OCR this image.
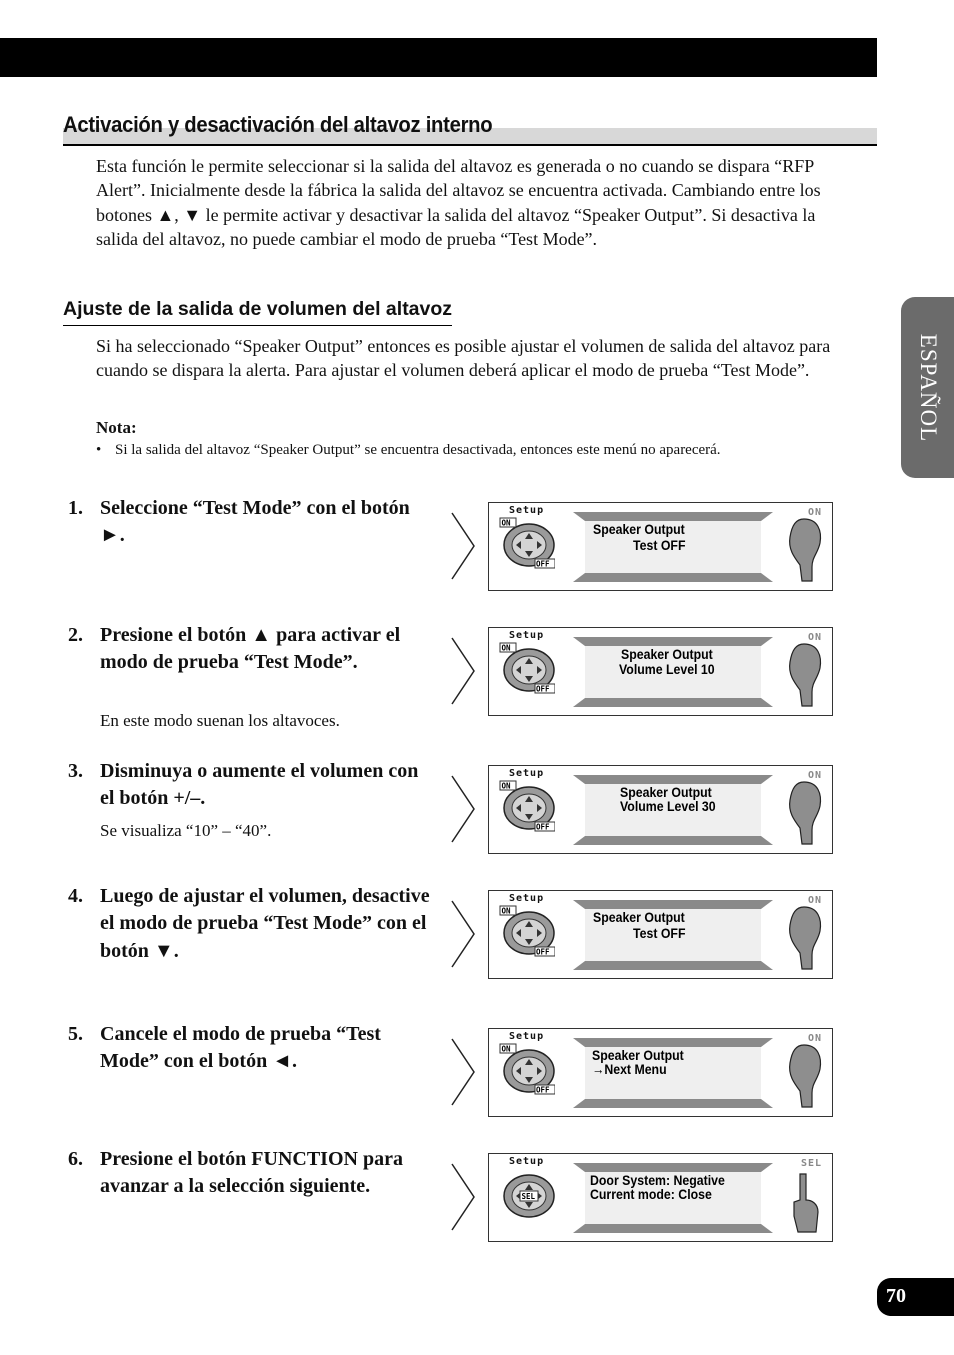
Activación y desactivación del altavoz interno

Esta función le permite seleccionar si la salida del altavoz es generada o no cuando se dispara “RFP Alert”. Inicialmente desde la fábrica la salida del altavoz se encuentra activada. Cambiando entre los botones ▲, ▼ le permite activar y desactivar la salida del altavoz “Speaker Output”. Si desactiva la salida del altavoz, no puede cambiar el modo de prueba “Test Mode”.

Ajuste de la salida de volumen del altavoz

Si ha seleccionado “Speaker Output” entonces es posible ajustar el volumen de salida del altavoz para cuando se dispara la alerta. Para ajustar el volumen deberá aplicar el modo de prueba “Test Mode”.

Nota:

• Si la salida del altavoz “Speaker Output” se encuentra desactivada, entonces este menú no aparecerá.

1. Seleccione “Test Mode” con el botón ►.
2. Presione el botón ▲ para activar el modo de prueba “Test Mode”.
En este modo suenan los altavoces.
3. Disminuya o aumente el volumen con el botón +/–.
Se visualiza “10” – “40”.
4. Luego de ajustar el volumen, desactive el modo de prueba “Test Mode” con el botón ▼.
5. Cancele el modo de prueba “Test Mode” con el botón ◄.
6. Presione el botón FUNCTION para avanzar a la selección siguiente.
Setup
ON
OFF
Speaker Output
Test OFF
ON
Setup
ON
OFF
Speaker Output
Volume Level 10
ON
Setup
ON
OFF
Speaker Output
Volume Level 30
ON
Setup
ON
OFF
Speaker Output
Test OFF
ON
Setup
ON
OFF
Speaker Output
→Next Menu
ON
Setup
SEL
Door System: Negative
Current mode: Close
SEL
ESPAÑOL
70
